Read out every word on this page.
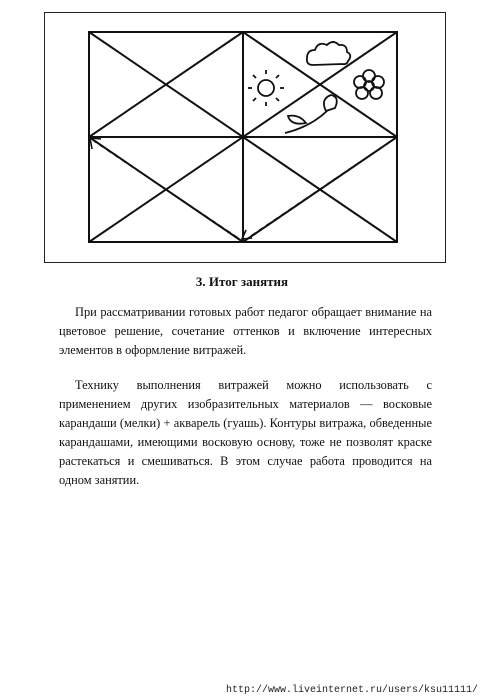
3. Итог занятия

При рассматривании готовых работ педагог обращает внимание на цветовое решение, сочетание оттенков и включение интересных элементов в оформление витражей.

Технику выполнения витражей можно использовать с применением других изобразительных материалов — восковые карандаши (мелки) + акварель (гуашь). Контуры витража, обведенные карандашами, имеющими восковую основу, тоже не позволят краске растекаться и смешиваться. В этом случае работа проводится на одном занятии.

http://www.liveinternet.ru/users/ksu11111/
